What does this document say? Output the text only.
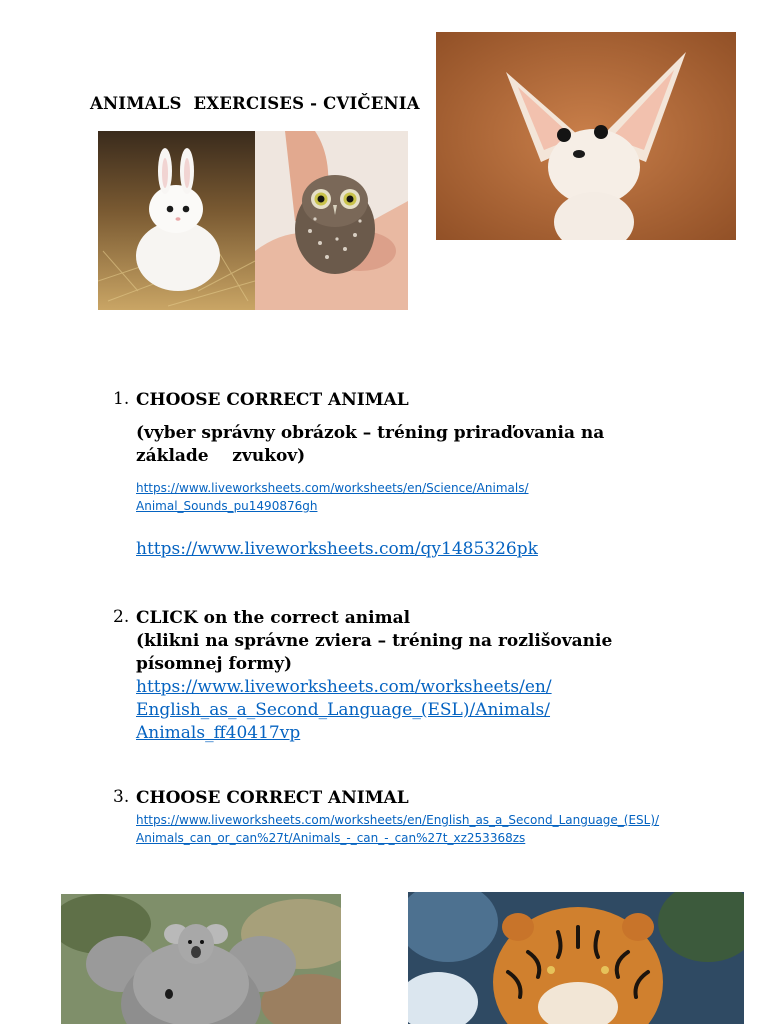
ANIMALS  EXERCISES - CVIČENIA
1. CHOOSE CORRECT ANIMAL
(vyber správny obrázok – tréning priraďovania na
základe    zvukov)
https://www.liveworksheets.com/worksheets/en/Science/Animals/
Animal_Sounds_pu1490876gh
https://www.liveworksheets.com/qy1485326pk
2. CLICK on the correct animal
(klikni na správne zviera – tréning na rozlišovanie
písomnej formy)
https://www.liveworksheets.com/worksheets/en/
English_as_a_Second_Language_(ESL)/Animals/
Animals_ff40417vp
3. CHOOSE CORRECT ANIMAL
https://www.liveworksheets.com/worksheets/en/English_as_a_Second_Language_(ESL)/
Animals_can_or_can%27t/Animals_-_can_-_can%27t_xz253368zs
